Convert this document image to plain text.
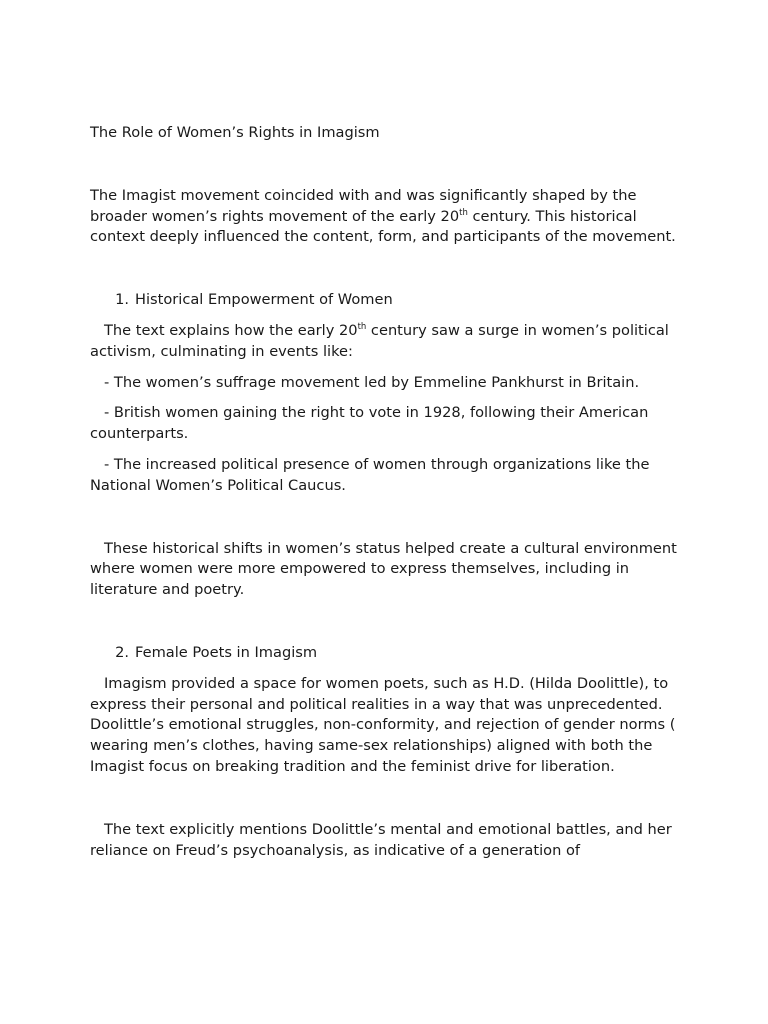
The Role of Women’s Rights in Imagism

The Imagist movement coincided with and was significantly shaped by the broader women’s rights movement of the early 20th century. This historical context deeply influenced the content, form, and participants of the movement.

1. Historical Empowerment of Women

The text explains how the early 20th century saw a surge in women’s political activism, culminating in events like:

- The women’s suffrage movement led by Emmeline Pankhurst in Britain.

- British women gaining the right to vote in 1928, following their American counterparts.

- The increased political presence of women through organizations like the National Women’s Political Caucus.

These historical shifts in women’s status helped create a cultural environment where women were more empowered to express themselves, including in literature and poetry.

2. Female Poets in Imagism

Imagism provided a space for women poets, such as H.D. (Hilda Doolittle), to express their personal and political realities in a way that was unprecedented. Doolittle’s emotional struggles, non-conformity, and rejection of gender norms ( wearing men’s clothes, having same-sex relationships) aligned with both the Imagist focus on breaking tradition and the feminist drive for liberation.

The text explicitly mentions Doolittle’s mental and emotional battles, and her reliance on Freud’s psychoanalysis, as indicative of a generation of
